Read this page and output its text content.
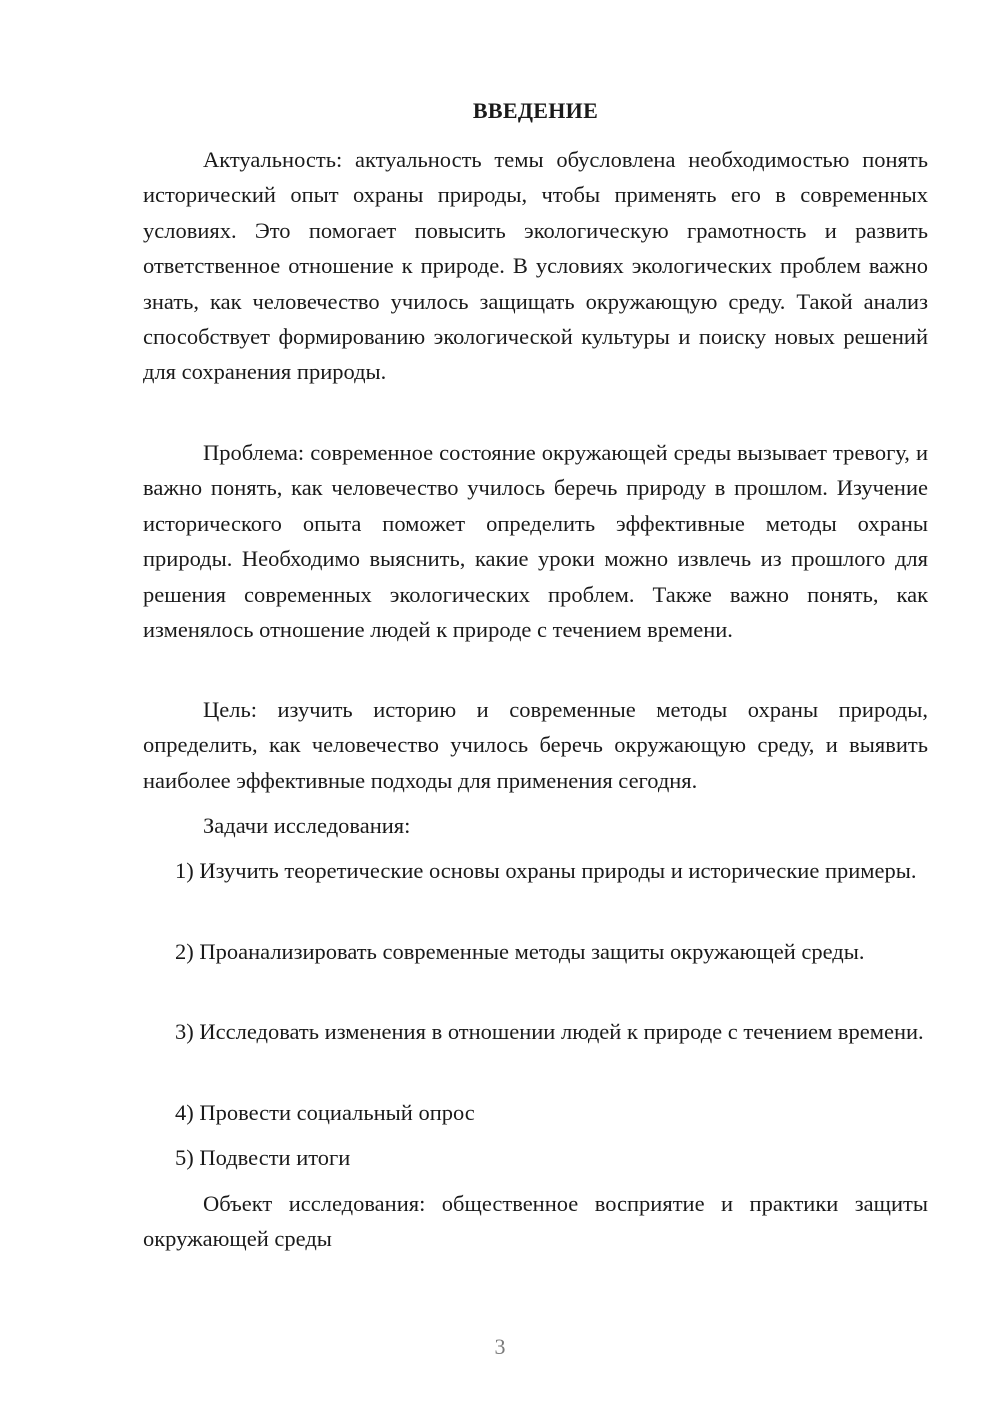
ВВЕДЕНИЕ

Актуальность: актуальность темы обусловлена необходимостью понять исторический опыт охраны природы, чтобы применять его в современных условиях. Это помогает повысить экологическую грамотность и развить ответственное отношение к природе. В условиях экологических проблем важно знать, как человечество училось защищать окружающую среду. Такой анализ способствует формированию экологической культуры и поиску новых решений для сохранения природы.

Проблема: современное состояние окружающей среды вызывает тревогу, и важно понять, как человечество училось беречь природу в прошлом. Изучение исторического опыта поможет определить эффективные методы охраны природы. Необходимо выяснить, какие уроки можно извлечь из прошлого для решения современных экологических проблем. Также важно понять, как изменялось отношение людей к природе с течением времени.

Цель: изучить историю и современные методы охраны природы, определить, как человечество училось беречь окружающую среду, и выявить наиболее эффективные подходы для применения сегодня.

Задачи исследования:

1) Изучить теоретические основы охраны природы и исторические примеры.

2) Проанализировать современные методы защиты окружающей среды.

3) Исследовать изменения в отношении людей к природе с течением времени.

4) Провести социальный опрос

5) Подвести итоги

Объект исследования: общественное восприятие и практики защиты окружающей среды

3
